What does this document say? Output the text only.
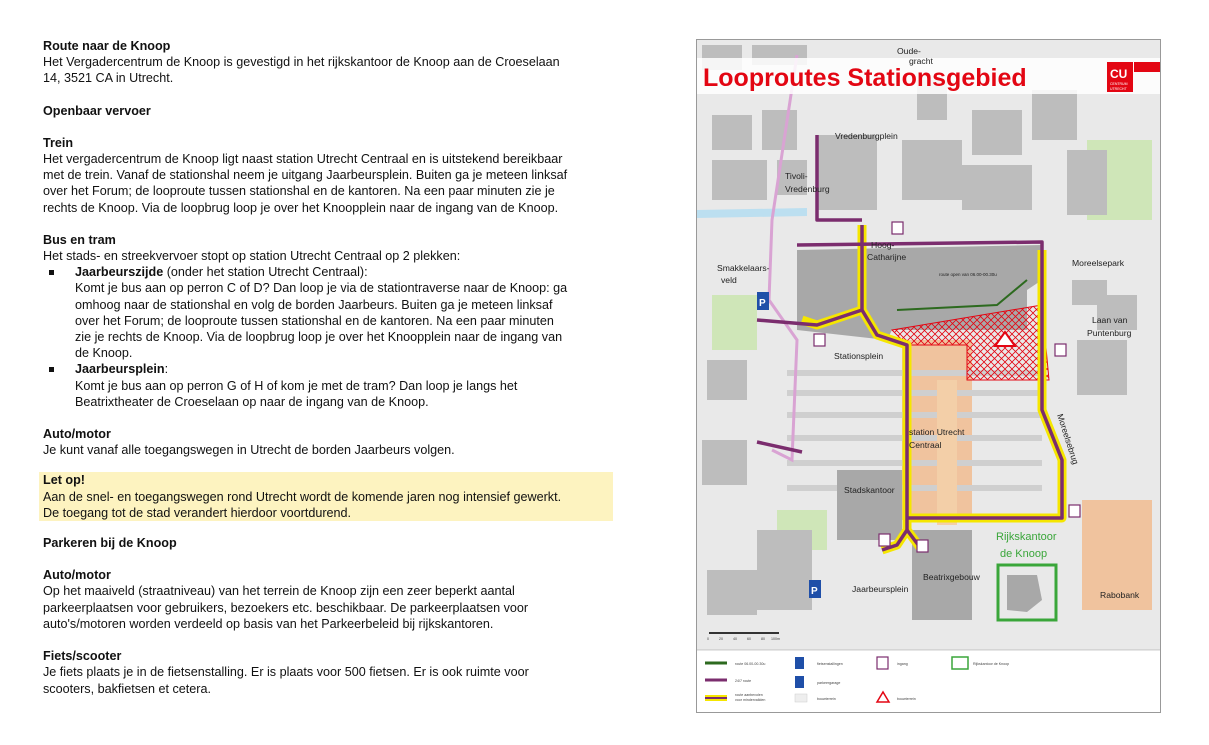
Route naar de Knoop

Het Vergadercentrum de Knoop is gevestigd in het rijkskantoor de Knoop aan de Croeselaan
14, 3521 CA in Utrecht.

Openbaar vervoer

Trein

Het vergadercentrum de Knoop ligt naast station Utrecht Centraal en is uitstekend bereikbaar
met de trein. Vanaf de stationshal neem je uitgang Jaarbeursplein. Buiten ga je meteen linksaf
over het Forum; de looproute tussen stationshal en de kantoren. Na een paar minuten zie je
rechts de Knoop. Via de loopbrug loop je over het Knoopplein naar de ingang van de Knoop.

Bus en tram

Het stads- en streekvervoer stopt op station Utrecht Centraal op 2 plekken:

Jaarbeurszijde (onder het station Utrecht Centraal):
Komt je bus aan op perron C of D? Dan loop je via de stationtraverse naar de Knoop: ga
omhoog naar de stationshal en volg de borden Jaarbeurs. Buiten ga je meteen linksaf
over het Forum; de looproute tussen stationshal en de kantoren. Na een paar minuten
zie je rechts de Knoop. Via de loopbrug loop je over het Knoopplein naar de ingang van
de Knoop.

Jaarbeursplein:
Komt je bus aan op perron G of H of kom je met de tram? Dan loop je langs het
Beatrixtheater de Croeselaan op naar de ingang van de Knoop.

Auto/motor

Je kunt vanaf alle toegangswegen in Utrecht de borden Jaarbeurs volgen.

Let op!

Aan de snel- en toegangswegen rond Utrecht wordt de komende jaren nog intensief gewerkt.
De toegang tot de stad verandert hierdoor voortdurend.

Parkeren bij de Knoop

Auto/motor

Op het maaiveld (straatniveau) van het terrein de Knoop zijn een zeer beperkt aantal
parkeerplaatsen voor gebruikers, bezoekers etc. beschikbaar. De parkeerplaatsen voor
auto's/motoren worden verdeeld op basis van het Parkeerbeleid bij rijkskantoren.

Fiets/scooter

Je fiets plaats je in de fietsenstalling. Er is plaats voor 500 fietsen. Er is ook ruimte voor
scooters, bakfietsen et cetera.

Looproutes Stationsgebied	CU
CENTRUM
UTRECHT
P
P
Oude-
gracht
Vredenburgplein
Tivoli-
Vredenburg
Hoog-
Catharijne
Smakkelaars-
veld
Moreelsepark
Laan van
Puntenburg
Stationsplein
station Utrecht
Centraal	Moreelsebrug
Stadskantoor
Rijkskantoor
de Knoop
Beatrixgebouw
Jaarbeursplein
Rabobank
route open van 06.00-00.30u
0	20	40	60	80 100m
route 06.00-00.30u
24/7 route
route aanbevolen
voor mindervaliden
fietsenstallingen
parkeergarage
bouwterrein
ingang
bouwterrein
Rijkskantoor de Knoop
